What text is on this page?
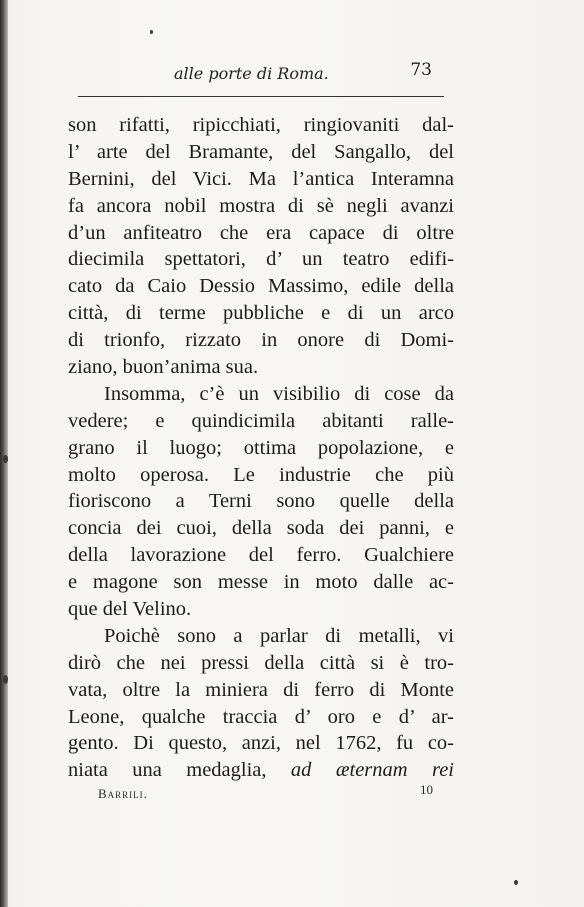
alle porte di Roma.	73
son rifatti, ripicchiati, ringiovaniti dal-
l’ arte del Bramante, del Sangallo, del
Bernini, del Vici. Ma l’antica Interamna
fa ancora nobil mostra di sè negli avanzi
d’un anfiteatro che era capace di oltre
diecimila spettatori, d’ un teatro edifi-
cato da Caio Dessio Massimo, edile della
città, di terme pubbliche e di un arco
di trionfo, rizzato in onore di Domi-
ziano, buon’anima sua.
Insomma, c’è un visibilio di cose da
vedere; e quindicimila abitanti ralle-
grano il luogo; ottima popolazione, e
molto operosa. Le industrie che più
fioriscono a Terni sono quelle della
concia dei cuoi, della soda dei panni, e
della lavorazione del ferro. Gualchiere
e magone son messe in moto dalle ac-
que del Velino.
Poichè sono a parlar di metalli, vi
dirò che nei pressi della città si è tro-
vata, oltre la miniera di ferro di Monte
Leone, qualche traccia d’ oro e d’ ar-
gento. Di questo, anzi, nel 1762, fu co-
niata una medaglia, ad æternam rei
Barrili.	10
